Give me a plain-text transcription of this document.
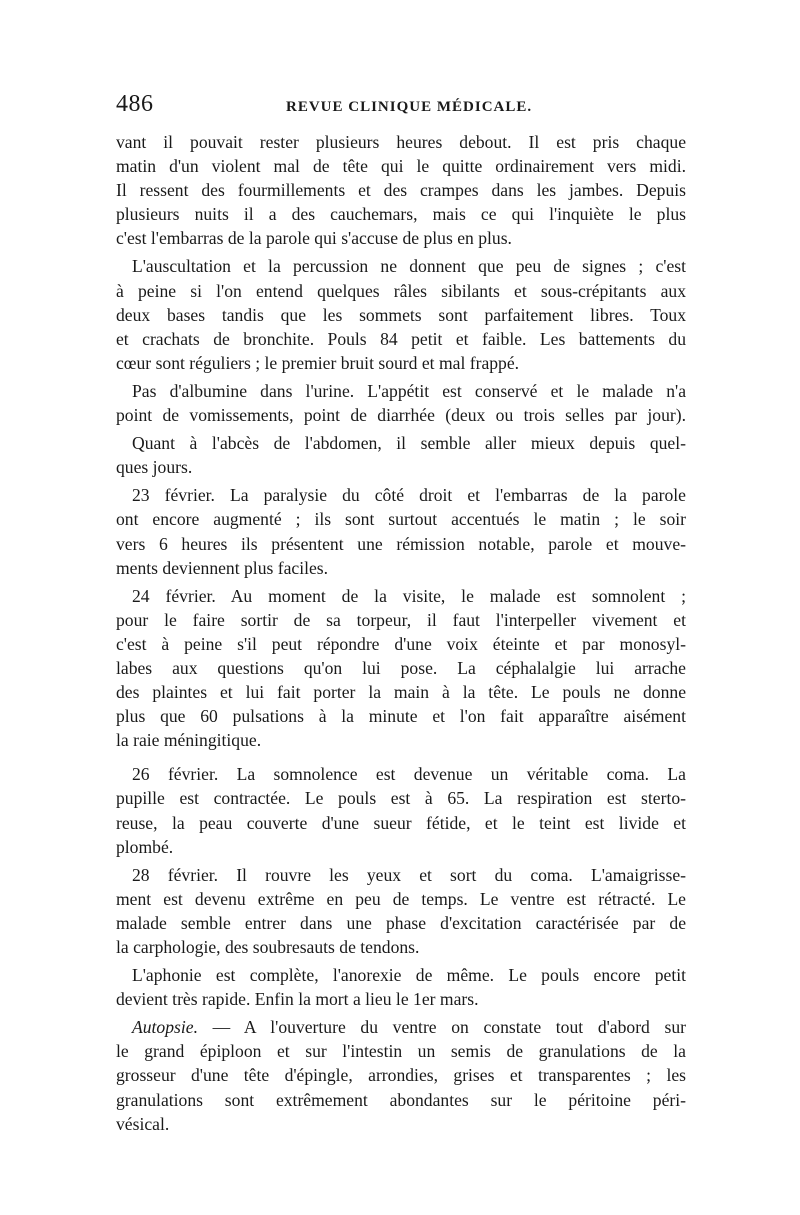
486	REVUE CLINIQUE MÉDICALE.

vant il pouvait rester plusieurs heures debout. Il est pris chaque
matin d'un violent mal de tête qui le quitte ordinairement vers midi.
Il ressent des fourmillements et des crampes dans les jambes. Depuis
plusieurs nuits il a des cauchemars, mais ce qui l'inquiète le plus
c'est l'embarras de la parole qui s'accuse de plus en plus.

L'auscultation et la percussion ne donnent que peu de signes ; c'est
à peine si l'on entend quelques râles sibilants et sous-crépitants aux
deux bases tandis que les sommets sont parfaitement libres. Toux
et crachats de bronchite. Pouls 84 petit et faible. Les battements du
cœur sont réguliers ; le premier bruit sourd et mal frappé.

Pas d'albumine dans l'urine. L'appétit est conservé et le malade n'a
point de vomissements, point de diarrhée (deux ou trois selles par jour).

Quant à l'abcès de l'abdomen, il semble aller mieux depuis quel-
ques jours.

23 février. La paralysie du côté droit et l'embarras de la parole
ont encore augmenté ; ils sont surtout accentués le matin ; le soir
vers 6 heures ils présentent une rémission notable, parole et mouve-
ments deviennent plus faciles.

24 février. Au moment de la visite, le malade est somnolent ;
pour le faire sortir de sa torpeur, il faut l'interpeller vivement et
c'est à peine s'il peut répondre d'une voix éteinte et par monosyl-
labes aux questions qu'on lui pose. La céphalalgie lui arrache
des plaintes et lui fait porter la main à la tête. Le pouls ne donne
plus que 60 pulsations à la minute et l'on fait apparaître aisément
la raie méningitique.

26 février. La somnolence est devenue un véritable coma. La
pupille est contractée. Le pouls est à 65. La respiration est sterto-
reuse, la peau couverte d'une sueur fétide, et le teint est livide et
plombé.

28 février. Il rouvre les yeux et sort du coma. L'amaigrisse-
ment est devenu extrême en peu de temps. Le ventre est rétracté. Le
malade semble entrer dans une phase d'excitation caractérisée par de
la carphologie, des soubresauts de tendons.

L'aphonie est complète, l'anorexie de même. Le pouls encore petit
devient très rapide. Enfin la mort a lieu le 1er mars.

Autopsie. — A l'ouverture du ventre on constate tout d'abord sur
le grand épiploon et sur l'intestin un semis de granulations de la
grosseur d'une tête d'épingle, arrondies, grises et transparentes ; les
granulations sont extrêmement abondantes sur le péritoine péri-
vésical.
